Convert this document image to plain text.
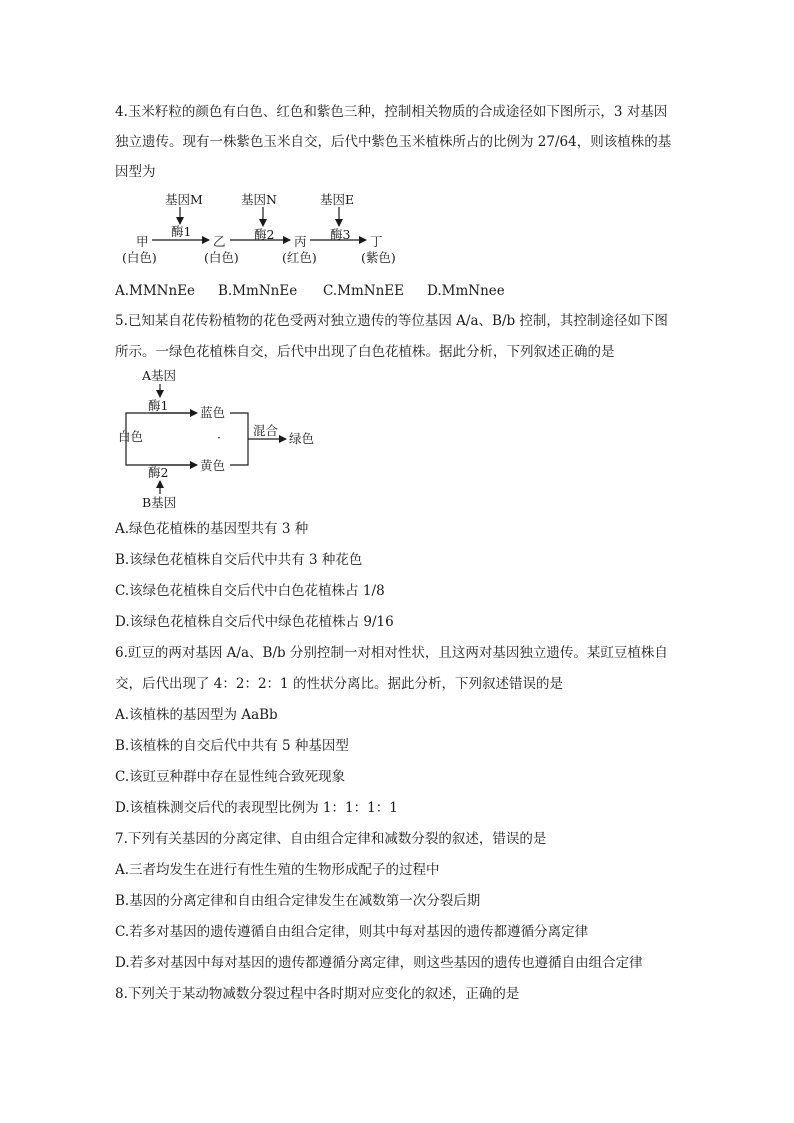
4.玉米籽粒的颜色有白色、红色和紫色三种，控制相关物质的合成途径如下图所示，3 对基因
独立遗传。现有一株紫色玉米自交，后代中紫色玉米植株所占的比例为 27/64，则该植株的基
因型为
基因M	基因N	基因E
酶1	酶2	酶3
甲	乙	丙	丁
(白色)	(白色)	(红色)	(紫色)
A.MMNnEe B.MmNnEe C.MmNnEE D.MmNnee
5.已知某自花传粉植物的花色受两对独立遗传的等位基因 A/a、B/b 控制，其控制途径如下图
所示。一绿色花植株自交，后代中出现了白色花植株。据此分析，下列叙述正确的是
A基因
酶1	蓝色
白色	·	混合
绿色
黄色
酶2
B基因
A.绿色花植株的基因型共有 3 种
B.该绿色花植株自交后代中共有 3 种花色
C.该绿色花植株自交后代中白色花植株占 1/8
D.该绿色花植株自交后代中绿色花植株占 9/16
6.豇豆的两对基因 A/a、B/b 分别控制一对相对性状，且这两对基因独立遗传。某豇豆植株自
交，后代出现了 4：2：2：1 的性状分离比。据此分析，下列叙述错误的是
A.该植株的基因型为 AaBb
B.该植株的自交后代中共有 5 种基因型
C.该豇豆种群中存在显性纯合致死现象
D.该植株测交后代的表现型比例为 1：1：1：1
7.下列有关基因的分离定律、自由组合定律和减数分裂的叙述，错误的是
A.三者均发生在进行有性生殖的生物形成配子的过程中
B.基因的分离定律和自由组合定律发生在减数第一次分裂后期
C.若多对基因的遗传遵循自由组合定律，则其中每对基因的遗传都遵循分离定律
D.若多对基因中每对基因的遗传都遵循分离定律，则这些基因的遗传也遵循自由组合定律
8.下列关于某动物减数分裂过程中各时期对应变化的叙述，正确的是
